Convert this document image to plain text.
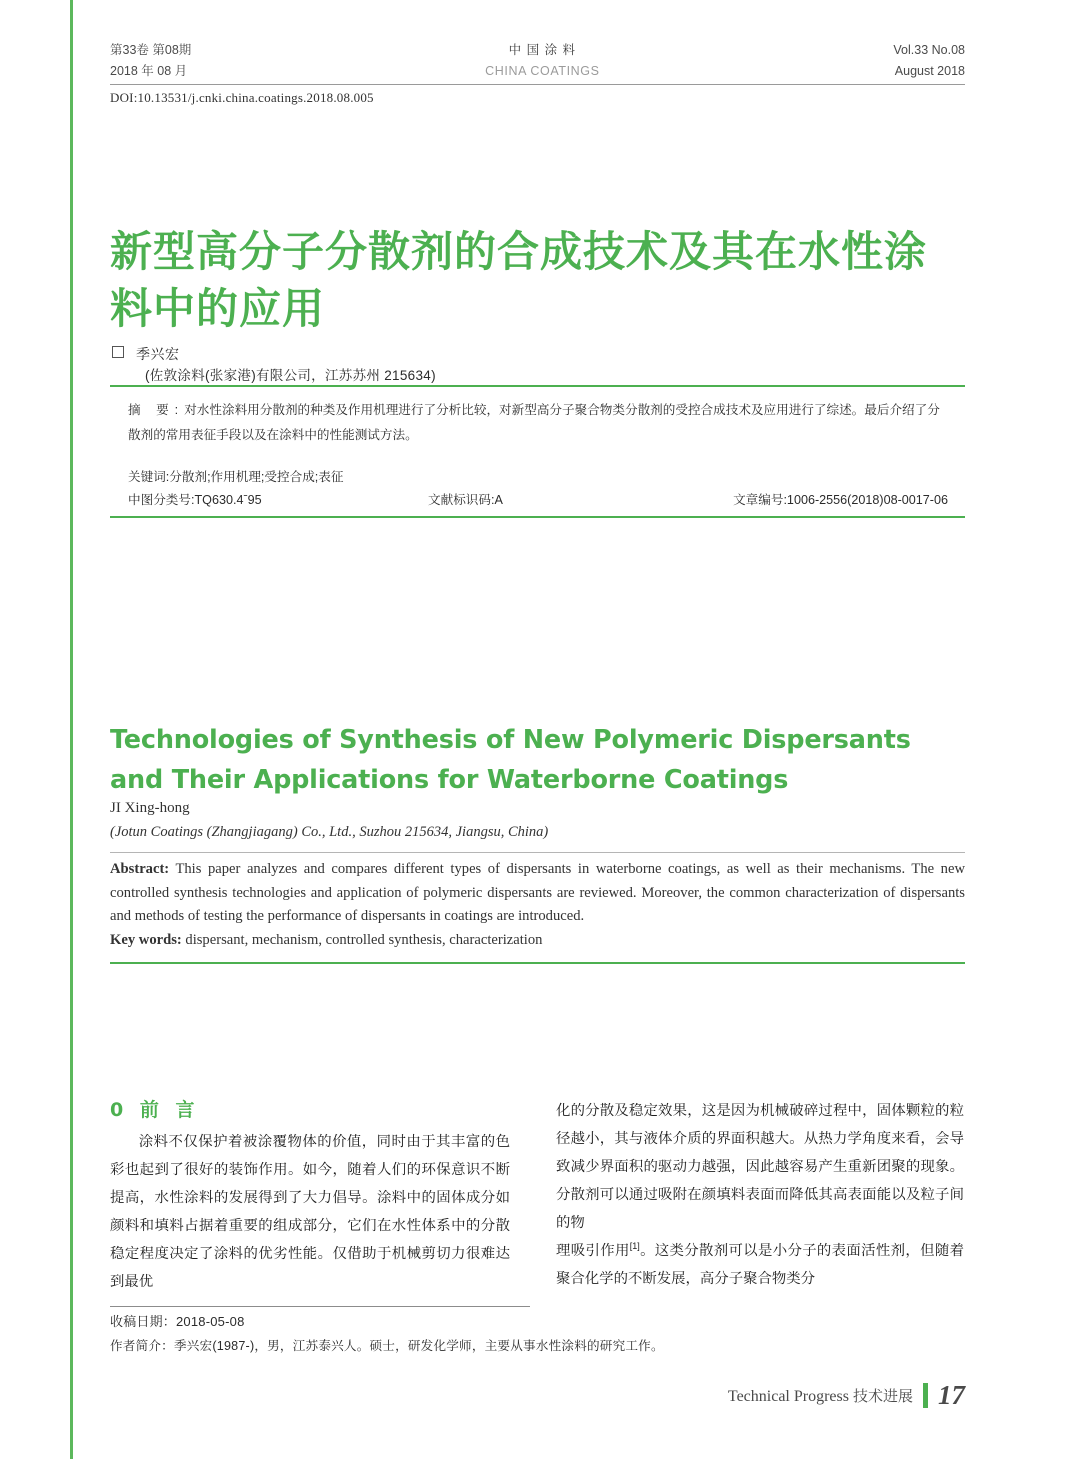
第33卷 第08期
2018 年 08 月
中 国 涂 料
CHINA COATINGS
Vol.33 No.08
August 2018
DOI:10.13531/j.cnki.china.coatings.2018.08.005
新型高分子分散剂的合成技术及其在水性涂料中的应用
季兴宏
(佐敦涂料(张家港)有限公司，江苏苏州 215634)
摘 要:对水性涂料用分散剂的种类及作用机理进行了分析比较，对新型高分子聚合物类分散剂的受控合成技术及应用进行了综述。最后介绍了分散剂的常用表征手段以及在涂料中的性能测试方法。
关键词:分散剂;作用机理;受控合成;表征
中图分类号:TQ630.4ˉ95	文献标识码:A	文章编号:1006-2556(2018)08-0017-06
Technologies of Synthesis of New Polymeric Dispersants and Their Applications for Waterborne Coatings
JI Xing-hong
(Jotun Coatings (Zhangjiagang) Co., Ltd., Suzhou 215634, Jiangsu, China)
Abstract: This paper analyzes and compares different types of dispersants in waterborne coatings, as well as their mechanisms. The new controlled synthesis technologies and application of polymeric dispersants are reviewed. Moreover, the common characterization of dispersants and methods of testing the performance of dispersants in coatings are introduced.
Key words: dispersant, mechanism, controlled synthesis, characterization
0 前 言

涂料不仅保护着被涂覆物体的价值，同时由于其丰富的色彩也起到了很好的装饰作用。如今，随着人们的环保意识不断提高，水性涂料的发展得到了大力倡导。涂料中的固体成分如颜料和填料占据着重要的组成部分，它们在水性体系中的分散稳定程度决定了涂料的优劣性能。仅借助于机械剪切力很难达到最优

化的分散及稳定效果，这是因为机械破碎过程中，固体颗粒的粒径越小，其与液体介质的界面积越大。从热力学角度来看，会导致减少界面积的驱动力越强，因此越容易产生重新团聚的现象。分散剂可以通过吸附在颜填料表面而降低其高表面能以及粒子间的物

理吸引作用[1]。这类分散剂可以是小分子的表面活性剂，但随着聚合化学的不断发展，高分子聚合物类分

收稿日期：2018-05-08
作者简介：季兴宏(1987-)，男，江苏泰兴人。硕士，研发化学师，主要从事水性涂料的研究工作。
Technical Progress 技术进展 17
